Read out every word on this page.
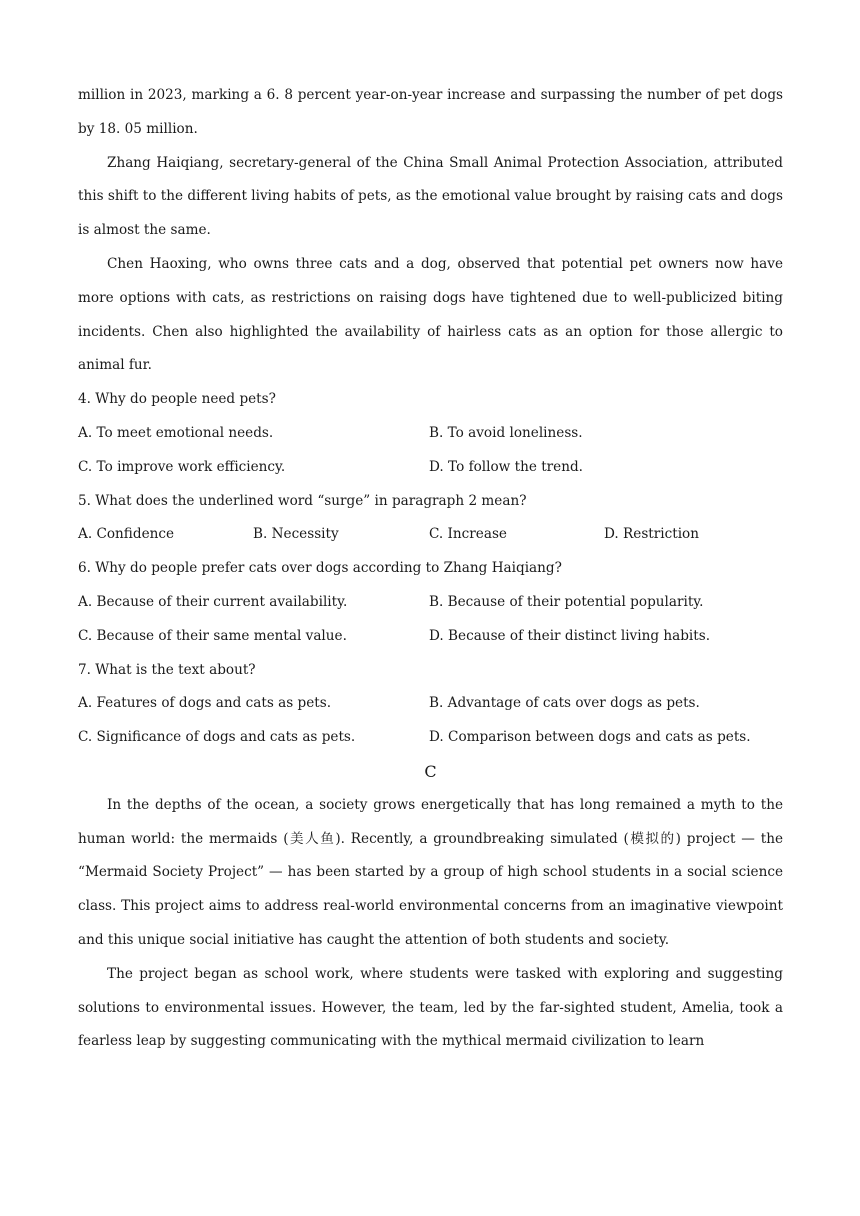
million in 2023, marking a 6. 8 percent year-on-year increase and surpassing the number of pet dogs by 18. 05 million.

Zhang Haiqiang, secretary-general of the China Small Animal Protection Association, attributed this shift to the different living habits of pets, as the emotional value brought by raising cats and dogs is almost the same.

Chen Haoxing, who owns three cats and a dog, observed that potential pet owners now have more options with cats, as restrictions on raising dogs have tightened due to well-publicized biting incidents. Chen also highlighted the availability of hairless cats as an option for those allergic to animal fur.

4. Why do people need pets?

A. To meet emotional needs.	B. To avoid loneliness.
C. To improve work efficiency.	D. To follow the trend.

5. What does the underlined word “surge” in paragraph 2 mean?

A. Confidence	B. Necessity	C. Increase	D. Restriction

6. Why do people prefer cats over dogs according to Zhang Haiqiang?

A. Because of their current availability.	B. Because of their potential popularity.
C. Because of their same mental value.	D. Because of their distinct living habits.

7. What is the text about?

A. Features of dogs and cats as pets.	B. Advantage of cats over dogs as pets.
C. Significance of dogs and cats as pets.	D. Comparison between dogs and cats as pets.

C

In the depths of the ocean, a society grows energetically that has long remained a myth to the human world: the mermaids (美人鱼). Recently, a groundbreaking simulated (模拟的) project — the “Mermaid Society Project” — has been started by a group of high school students in a social science class. This project aims to address real-world environmental concerns from an imaginative viewpoint and this unique social initiative has caught the attention of both students and society.

The project began as school work, where students were tasked with exploring and suggesting solutions to environmental issues. However, the team, led by the far-sighted student, Amelia, took a fearless leap by suggesting communicating with the mythical mermaid civilization to learn
